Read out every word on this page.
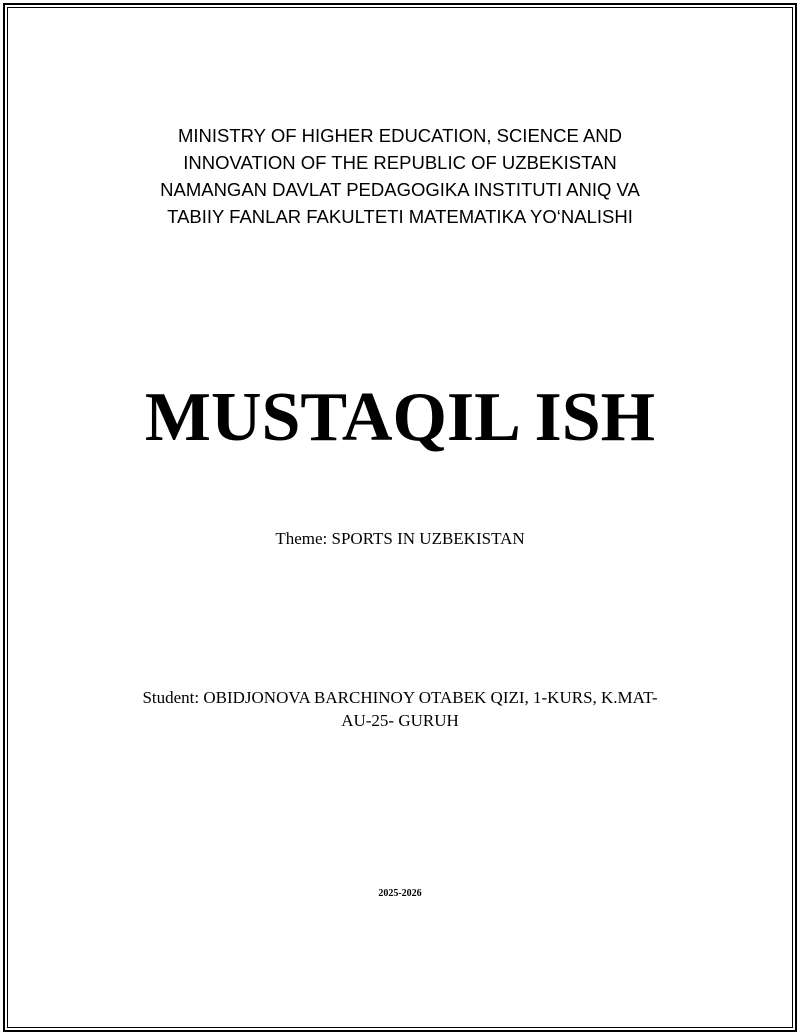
MINISTRY OF HIGHER EDUCATION, SCIENCE AND
INNOVATION OF THE REPUBLIC OF UZBEKISTAN
NAMANGAN DAVLAT PEDAGOGIKA INSTITUTI ANIQ VA
TABIIY FANLAR FAKULTETI MATEMATIKA YO‘NALISHI
MUSTAQIL ISH
Theme: SPORTS IN UZBEKISTAN
Student: OBIDJONOVA BARCHINOY OTABEK QIZI, 1-KURS, K.MAT-
AU-25- GURUH
2025-2026
